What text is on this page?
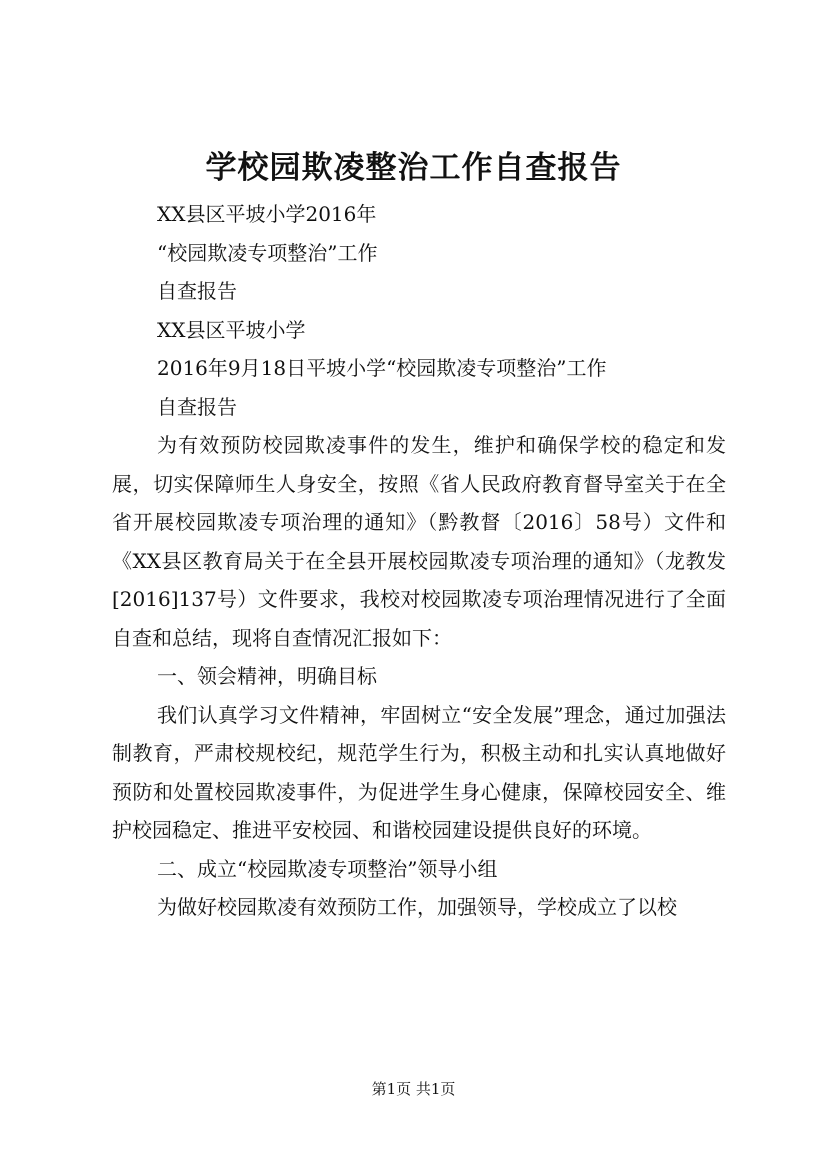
学校园欺凌整治工作自查报告
XX县区平坡小学2016年
“校园欺凌专项整治”工作
自查报告
XX县区平坡小学
2016年9月18日平坡小学“校园欺凌专项整治”工作
自查报告
为有效预防校园欺凌事件的发生，维护和确保学校的稳定和发展，切实保障师生人身安全，按照《省人民政府教育督导室关于在全省开展校园欺凌专项治理的通知》（黔教督〔2016〕58号）文件和《XX县区教育局关于在全县开展校园欺凌专项治理的通知》（龙教发[2016]137号）文件要求，我校对校园欺凌专项治理情况进行了全面自查和总结，现将自查情况汇报如下：
一、领会精神，明确目标
我们认真学习文件精神，牢固树立“安全发展”理念，通过加强法制教育，严肃校规校纪，规范学生行为，积极主动和扎实认真地做好预防和处置校园欺凌事件，为促进学生身心健康，保障校园安全、维护校园稳定、推进平安校园、和谐校园建设提供良好的环境。
二、成立“校园欺凌专项整治”领导小组
为做好校园欺凌有效预防工作，加强领导，学校成立了以校
第1页 共1页
